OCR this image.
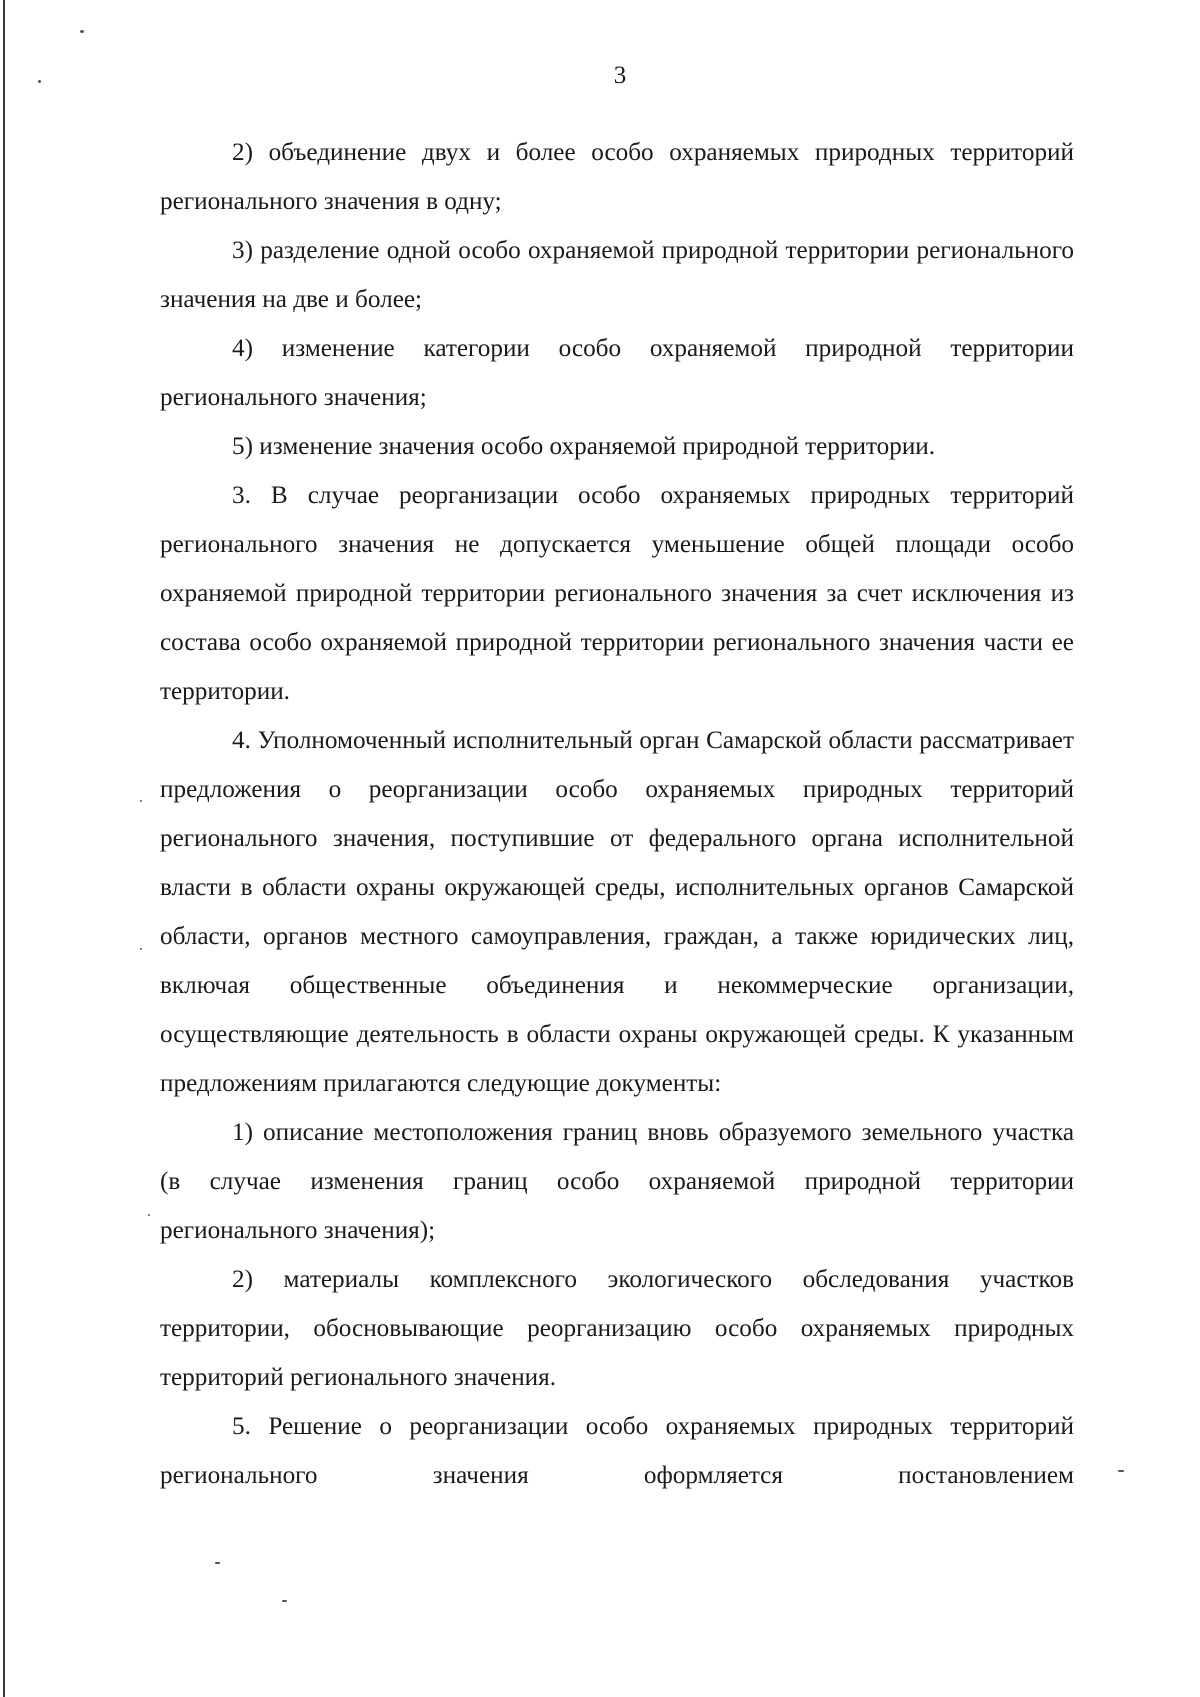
3

2) объединение двух и более особо охраняемых природных территорий регионального значения в одну;

3) разделение одной особо охраняемой природной территории регионального значения на две и более;

4) изменение категории особо охраняемой природной территории регионального значения;

5) изменение значения особо охраняемой природной территории.

3. В случае реорганизации особо охраняемых природных территорий регионального значения не допускается уменьшение общей площади особо охраняемой природной территории регионального значения за счет исключения из состава особо охраняемой природной территории регионального значения части ее территории.

4. Уполномоченный исполнительный орган Самарской области рассматривает предложения о реорганизации особо охраняемых природных территорий регионального значения, поступившие от федерального органа исполнительной власти в области охраны окружающей среды, исполнительных органов Самарской области, органов местного самоуправления, граждан, а также юридических лиц, включая общественные объединения и некоммерческие организации, осуществляющие деятельность в области охраны окружающей среды. К указанным предложениям прилагаются следующие документы:

1) описание местоположения границ вновь образуемого земельного участка (в случае изменения границ особо охраняемой природной территории регионального значения);

2) материалы комплексного экологического обследования участков территории, обосновывающие реорганизацию особо охраняемых природных территорий регионального значения.

5. Решение о реорганизации особо охраняемых природных территорий регионального значения оформляется постановлением
